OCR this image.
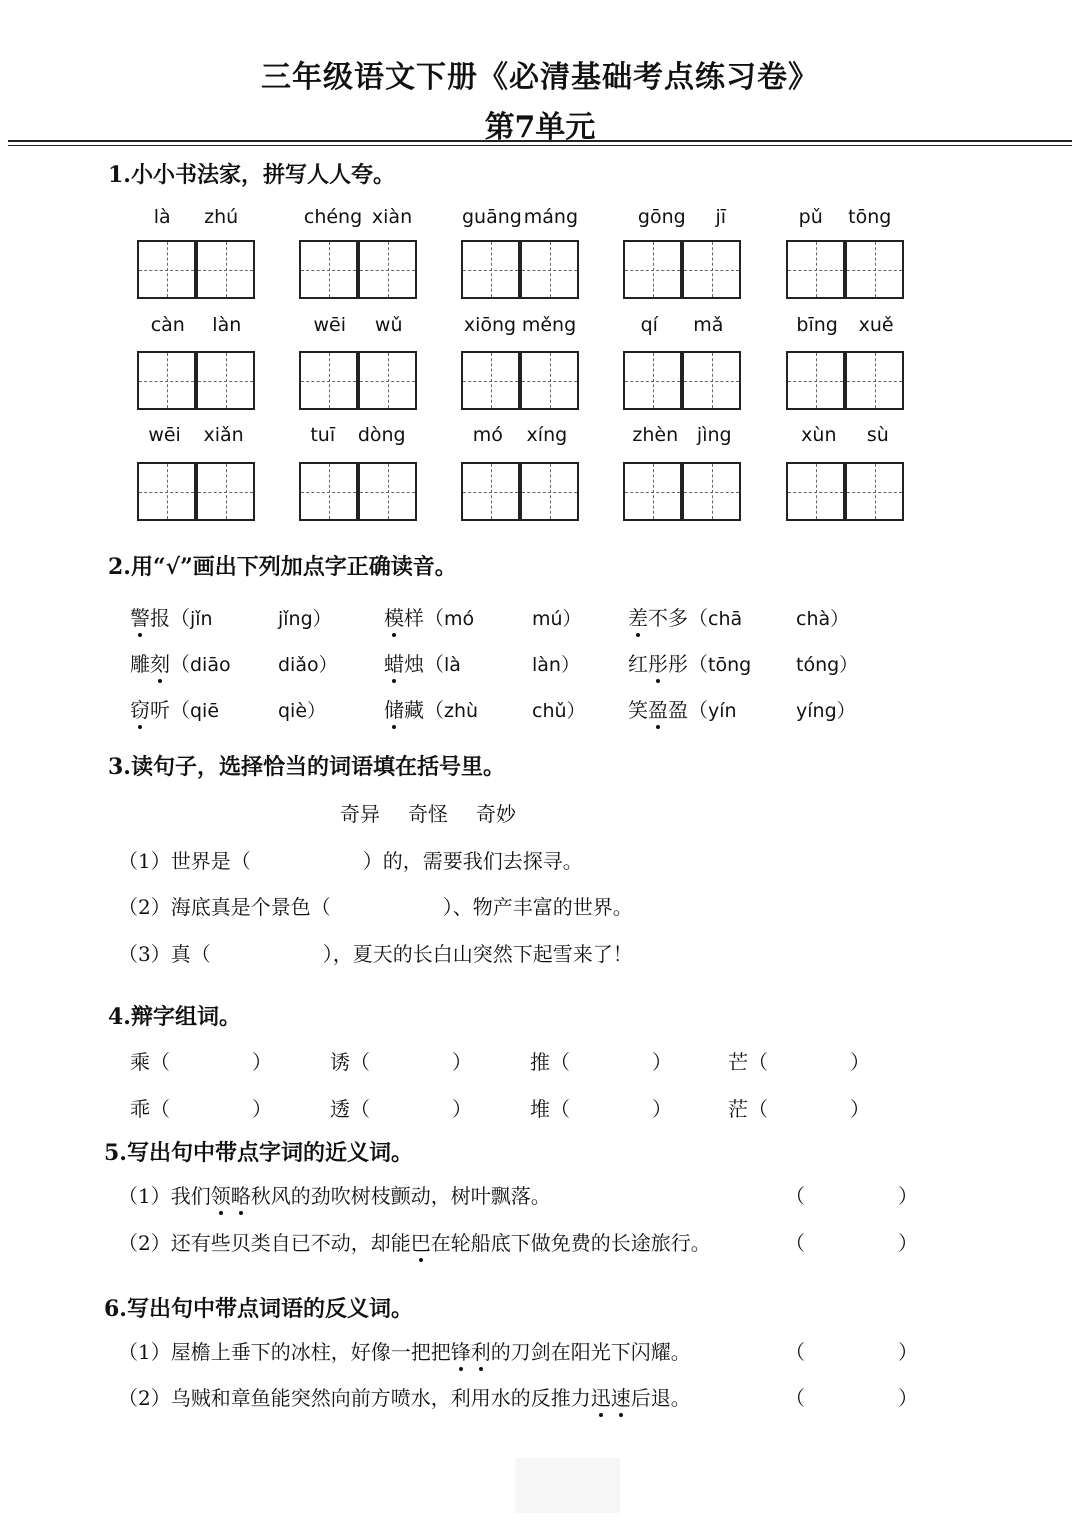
三年级语文下册《必清基础考点练习卷》
第7单元
1.小小书法家，拼写人人夸。
là zhú	chéng xiàn	guāng máng	gōng jī	pǔ tōng
càn làn	wēi wǔ	xiōng měng	qí mǎ	bīng xuě
wēi xiǎn	tuī dòng	mó xíng	zhèn jìng	xùn sù
2.用“√”画出下列加点字正确读音。
警报（jǐn	jǐng）	模样（mó	mú） 差不多（chā	chà）
雕刻（diāo diǎo） 蜡烛（là	làn） 红彤彤（tōng tóng）
窃听（qiē	qiè）	储藏（zhù	chǔ） 笑盈盈（yín	yíng）
3.读句子，选择恰当的词语填在括号里。
奇异 奇怪 奇妙
（1）世界是（	）的，需要我们去探寻。
（2）海底真是个景色（	）、物产丰富的世界。
（3）真（	），夏天的长白山突然下起雪来了！
4.辩字组词。
乘（	）	诱（	）	推（	）	芒（	）
乖（	）	透（	）	堆（	）	茫（	）
5.写出句中带点字词的近义词。
（1）我们领略秋风的劲吹树枝颤动，树叶飘落。	（	）
（2）还有些贝类自已不动，却能巴在轮船底下做免费的长途旅行。	（	）
6.写出句中带点词语的反义词。
（1）屋檐上垂下的冰柱，好像一把把锋利的刀剑在阳光下闪耀。	（	）
（2）乌贼和章鱼能突然向前方喷水，利用水的反推力迅速后退。	（	）
